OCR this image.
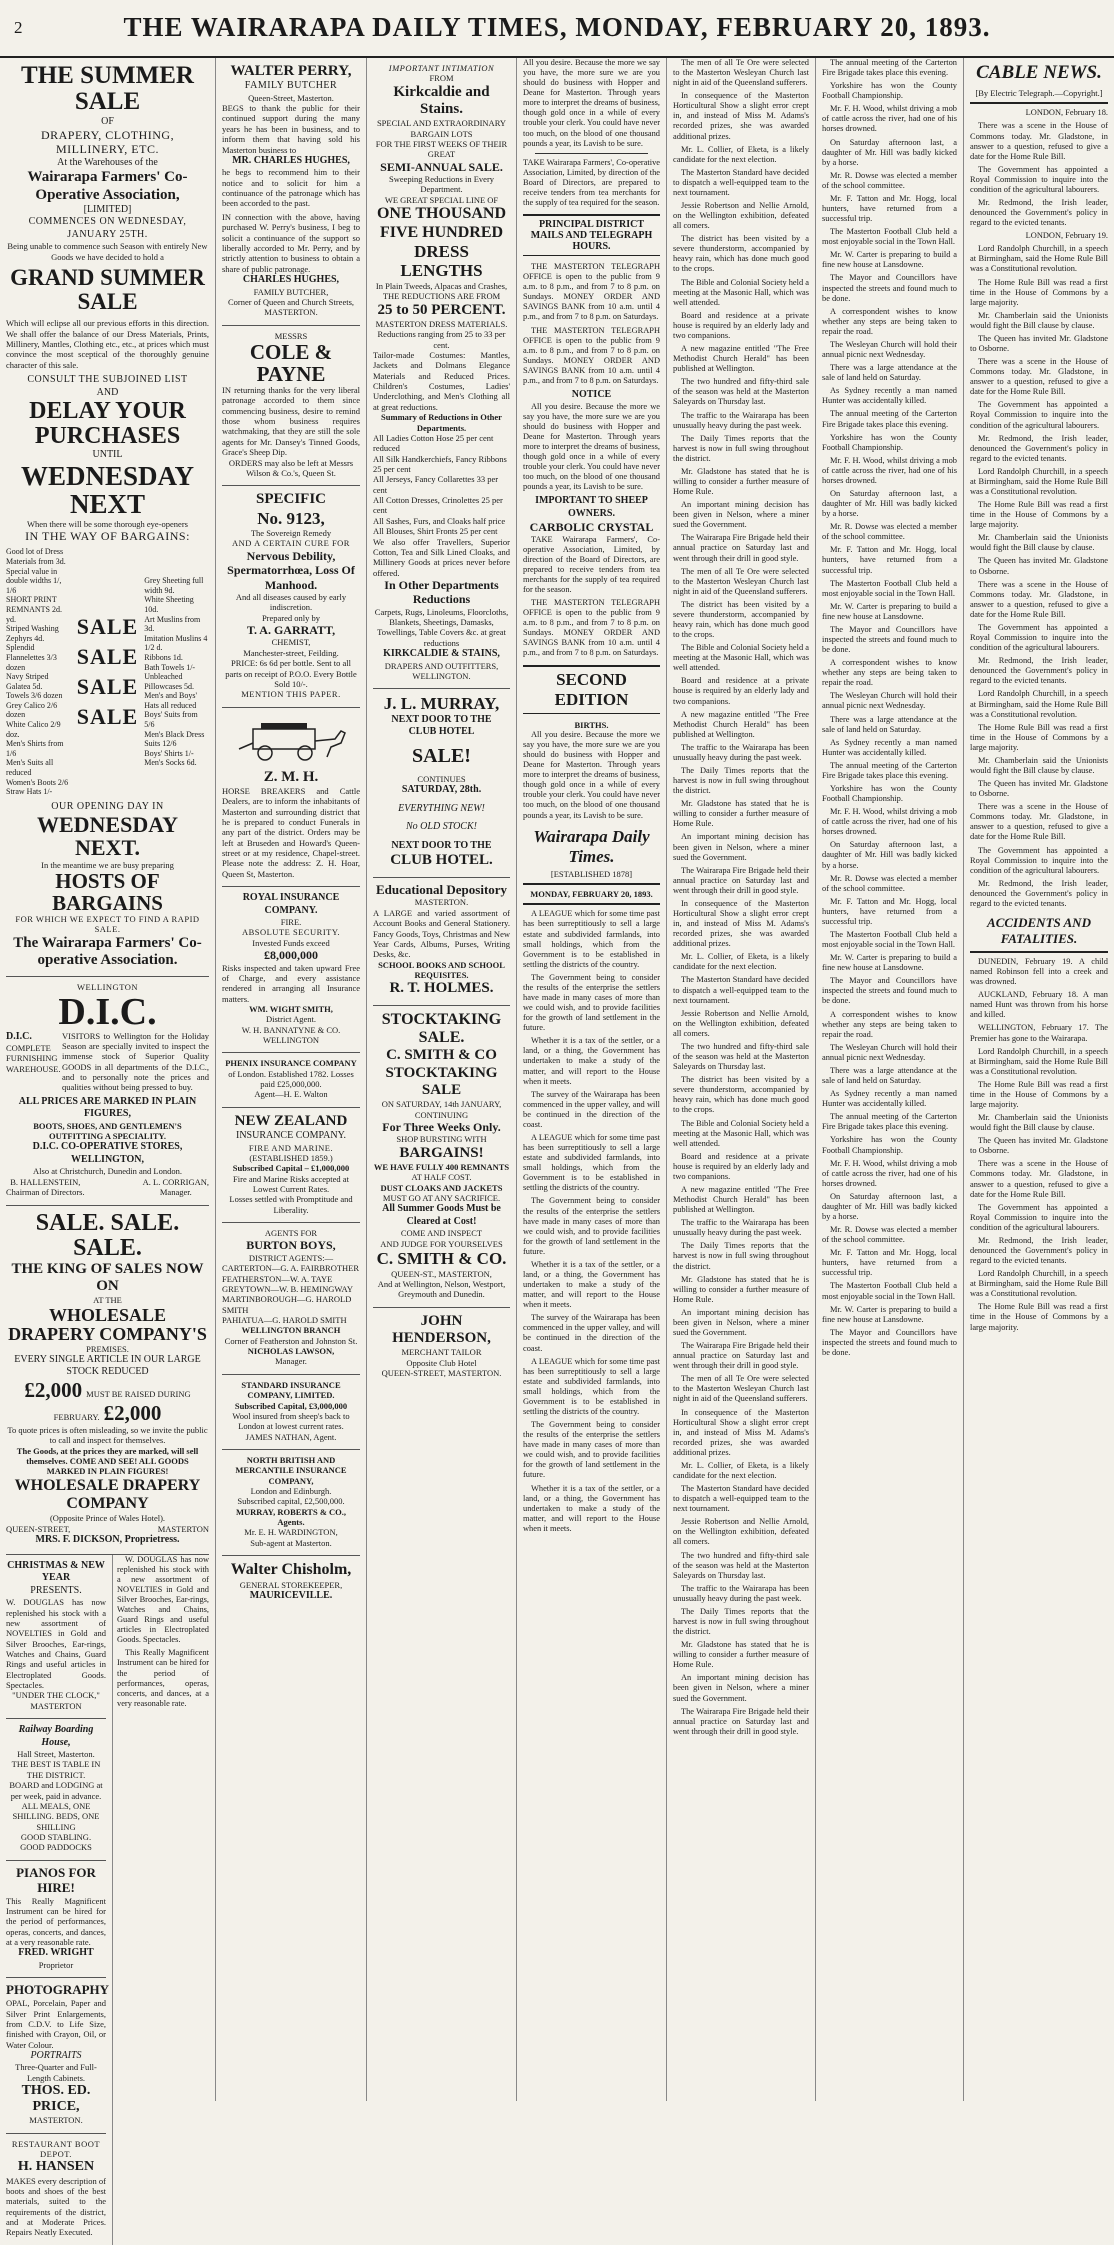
2	THE WAIRARAPA DAILY TIMES, MONDAY, FEBRUARY 20, 1893.
THE SUMMER SALE
OF
DRAPERY, CLOTHING, MILLINERY, ETC.
At the Warehouses of the
Wairarapa Farmers' Co-Operative Association,
[LIMITED]
COMMENCES ON WEDNESDAY, JANUARY 25TH.
Being unable to commence such Season with entirely New Goods we have decided to hold a
GRAND SUMMER SALE
Which will eclipse all our previous efforts in this direction. We shall offer the balance of our Dress Materials, Prints, Millinery, Mantles, Clothing etc., etc., at prices which must convince the most sceptical of the thoroughly genuine character of this sale.
CONSULT THE SUBJOINED LIST
AND
DELAY YOUR PURCHASES
UNTIL
WEDNESDAY NEXT
When there will be some thorough eye-openers
IN THE WAY OF BARGAINS:
Good lot of Dress Materials from 3d.
Special value in double widths 1/, 1/6
SHORT PRINT REMNANTS 2d. yd.
Striped Washing Zephyrs 4d.
Splendid Flannelettes 3/3 dozen
Navy Striped Galatea 5d.
Towels 3/6 dozen
Grey Calico 2/6 dozen
White Calico 2/9 doz.
Men's Shirts from 1/6
Men's Suits all reduced
Women's Boots 2/6
Straw Hats 1/-
SALE
SALE
SALE
SALE
Grey Sheeting full width 9d.
White Sheeting 10d.
Art Muslins from 3d.
Imitation Muslins 4 1/2 d.
Ribbons 1d.
Bath Towels 1/-
Unbleached Pillowcases 5d.
Men's and Boys' Hats all reduced
Boys' Suits from 5/6
Men's Black Dress Suits 12/6
Boys' Shirts 1/-
Men's Socks 6d.
OUR OPENING DAY IN
WEDNESDAY NEXT.
In the meantime we are busy preparing
HOSTS OF BARGAINS
FOR WHICH WE EXPECT TO FIND A RAPID SALE.
The Wairarapa Farmers' Co-operative Association.
WELLINGTON
D.I.C.
D.I.C.
COMPLETE
FURNISHING
WAREHOUSE.
VISITORS to Wellington for the Holiday Season are specially invited to inspect the immense stock of Superior Quality GOODS in all departments of the D.I.C., and to personally note the prices and qualities without being pressed to buy.
ALL PRICES ARE MARKED IN PLAIN FIGURES,
BOOTS, SHOES, AND GENTLEMEN'S OUTFITTING A SPECIALITY.
D.I.C. CO-OPERATIVE STORES, WELLINGTON,
Also at Christchurch, Dunedin and London.
B. HALLENSTEIN,
Chairman of Directors.
A. L. CORRIGAN,
Manager.
SALE. SALE. SALE.
THE KING OF SALES NOW ON
AT THE
WHOLESALE DRAPERY COMPANY'S
PREMISES.
EVERY SINGLE ARTICLE IN OUR LARGE STOCK REDUCED
£2,000 MUST BE RAISED DURING FEBRUARY. £2,000
To quote prices is often misleading, so we invite the public to call and inspect for themselves.
The Goods, at the prices they are marked, will sell themselves. COME AND SEE! ALL GOODS MARKED IN PLAIN FIGURES!
WHOLESALE DRAPERY COMPANY
(Opposite Prince of Wales Hotel).
QUEEN-STREET,	MASTERTON
MRS. F. DICKSON, Proprietress.
CHRISTMAS & NEW YEAR
PRESENTS.
W. DOUGLAS has now replenished his stock with a new assortment of NOVELTIES in Gold and Silver Brooches, Ear-rings, Watches and Chains, Guard Rings and useful articles in Electroplated Goods. Spectacles.
"UNDER THE CLOCK,"
MASTERTON
Railway Boarding House,
Hall Street, Masterton.
THE BEST IS TABLE IN THE DISTRICT.
BOARD and LODGING at per week, paid in advance.
ALL MEALS, ONE SHILLING. BEDS, ONE SHILLING
GOOD STABLING.
GOOD PADDOCKS
PIANOS FOR HIRE!
This Really Magnificent Instrument can be hired for the period of performances, operas, concerts, and dances, at a very reasonable rate.
FRED. WRIGHT
Proprietor
PHOTOGRAPHY
OPAL, Porcelain, Paper and Silver Print Enlargements, from C.D.V. to Life Size, finished with Crayon, Oil, or Water Colour.
PORTRAITS
Three-Quarter and Full-Length Cabinets.
THOS. ED. PRICE,
MASTERTON.
RESTAURANT BOOT DEPOT.
H. HANSEN
MAKES every description of boots and shoes of the best materials, suited to the requirements of the district, and at Moderate Prices. Repairs Neatly Executed.

W. DOUGLAS has now replenished his stock with a new assortment of NOVELTIES in Gold and Silver Brooches, Ear-rings, Watches and Chains, Guard Rings and useful articles in Electroplated Goods. Spectacles.

This Really Magnificent Instrument can be hired for the period of performances, operas, concerts, and dances, at a very reasonable rate.

WALTER PERRY,
FAMILY BUTCHER
Queen-Street, Masterton.
BEGS to thank the public for their continued support during the many years he has been in business, and to inform them that having sold his Masterton business to
MR. CHARLES HUGHES,
he begs to recommend him to their notice and to solicit for him a continuance of the patronage which has been accorded to the past.
IN connection with the above, having purchased W. Perry's business, I beg to solicit a continuance of the support so liberally accorded to Mr. Perry, and by strictly attention to business to obtain a share of public patronage.
CHARLES HUGHES,
FAMILY BUTCHER,
Corner of Queen and Church Streets, MASTERTON.
MESSRS
COLE & PAYNE
IN returning thanks for the very liberal patronage accorded to them since commencing business, desire to remind those whom business requires watchmaking, that they are still the sole agents for Mr. Dansey's Tinned Goods, Grace's Sheep Dip.
ORDERS may also be left at Messrs Wilson & Co.'s, Queen St.
SPECIFIC
No. 9123,
The Sovereign Remedy
AND A CERTAIN CURE FOR
Nervous Debility, Spermatorrhœa, Loss Of Manhood.
And all diseases caused by early indiscretion.
Prepared only by
T. A. GARRATT,
CHEMIST,
Manchester-street, Feilding.
PRICE: 6s 6d per bottle. Sent to all parts on receipt of P.O.O. Every Bottle Sold 10/-.
MENTION THIS PAPER.
Z. M. H.
HORSE BREAKERS and Cattle Dealers, are to inform the inhabitants of Masterton and surrounding district that he is prepared to conduct Funerals in any part of the district. Orders may be left at Bruseden and Howard's Queen-street or at my residence, Chapel-street. Please note the address: Z. H. Hoar, Queen St, Masterton.
ROYAL INSURANCE COMPANY.
FIRE.
ABSOLUTE SECURITY.
Invested Funds exceed
£8,000,000
Risks inspected and taken upward Free of Charge, and every assistance rendered in arranging all Insurance matters.
WM. WIGHT SMITH,
District Agent.
W. H. BANNATYNE & CO. WELLINGTON
PHENIX INSURANCE COMPANY
of London. Established 1782. Losses paid £25,000,000.
Agent—H. E. Walton
NEW ZEALAND
INSURANCE COMPANY.
FIRE AND MARINE.
(ESTABLISHED 1859.)
Subscribed Capital – £1,000,000
Fire and Marine Risks accepted at Lowest Current Rates.
Losses settled with Promptitude and Liberality.
AGENTS FOR
BURTON BOYS,
DISTRICT AGENTS:—
CARTERTON—G. A. FAIRBROTHER
FEATHERSTON—W. A. TAYE
GREYTOWN—W. B. HEMINGWAY
MARTINBOROUGH—G. HAROLD SMITH
PAHIATUA—G. HAROLD SMITH
WELLINGTON BRANCH
Corner of Featherston and Johnston St.
NICHOLAS LAWSON,
Manager.
STANDARD INSURANCE COMPANY, LIMITED.
Subscribed Capital, £3,000,000
Wool insured from sheep's back to London at lowest current rates.
JAMES NATHAN, Agent.
NORTH BRITISH AND MERCANTILE INSURANCE COMPANY,
London and Edinburgh.
Subscribed capital, £2,500,000.
MURRAY, ROBERTS & CO., Agents.
Mr. E. H. WARDINGTON,
Sub-agent at Masterton.
Walter Chisholm,
GENERAL STOREKEEPER,
MAURICEVILLE.
IMPORTANT INTIMATION
FROM
Kirkcaldie and Stains.
SPECIAL AND EXTRAORDINARY BARGAIN LOTS
FOR THE FIRST WEEKS OF THEIR GREAT
SEMI-ANNUAL SALE.
Sweeping Reductions in Every Department.
WE GREAT SPECIAL LINE OF
ONE THOUSAND
FIVE HUNDRED
DRESS LENGTHS
In Plain Tweeds, Alpacas and Crashes,
THE REDUCTIONS ARE FROM
25 to 50 PERCENT.
MASTERTON DRESS MATERIALS.
Reductions ranging from 25 to 33 per cent.
Tailor-made Costumes: Mantles, Jackets and Dolmans Elegance Materials and Reduced Prices. Children's Costumes, Ladies' Underclothing, and Men's Clothing all at great reductions.
Summary of Reductions in Other Departments.
All Ladies Cotton Hose 25 per cent reduced
All Silk Handkerchiefs, Fancy Ribbons 25 per cent
All Jerseys, Fancy Collarettes 33 per cent
All Cotton Dresses, Crinolettes 25 per cent
All Sashes, Furs, and Cloaks half price
All Blouses, Shirt Fronts 25 per cent
We also offer Travellers, Superior Cotton, Tea and Silk Lined Cloaks, and Millinery Goods at prices never before offered.
In Other Departments
Reductions
Carpets, Rugs, Linoleums, Floorcloths, Blankets, Sheetings, Damasks, Towellings, Table Covers &c. at great reductions
KIRKCALDIE & STAINS,
DRAPERS AND OUTFITTERS, WELLINGTON.
J. L. MURRAY,
NEXT DOOR TO THE
CLUB HOTEL
SALE!
CONTINUES
SATURDAY, 28th.
EVERYTHING NEW!
No OLD STOCK!
NEXT DOOR TO THE
CLUB HOTEL.
Educational Depository
MASTERTON.
A LARGE and varied assortment of Account Books and General Stationery. Fancy Goods, Toys, Christmas and New Year Cards, Albums, Purses, Writing Desks, &c.
SCHOOL BOOKS AND SCHOOL REQUISITES.
R. T. HOLMES.
STOCKTAKING SALE.
C. SMITH & CO
STOCKTAKING SALE
ON SATURDAY, 14th JANUARY,
CONTINUING
For Three Weeks Only.
SHOP BURSTING WITH
BARGAINS!
WE HAVE FULLY 400 REMNANTS
AT HALF COST.
DUST CLOAKS AND JACKETS
MUST GO AT ANY SACRIFICE.
All Summer Goods Must be Cleared at Cost!
COME AND INSPECT
AND JUDGE FOR YOURSELVES
C. SMITH & CO.
QUEEN-ST., MASTERTON,
And at Wellington, Nelson, Westport, Greymouth and Dunedin.
JOHN HENDERSON,
MERCHANT TAILOR
Opposite Club Hotel
QUEEN-STREET, MASTERTON.

All you desire. Because the more we say you have, the more sure we are you should do business with Hopper and Deane for Masterton. Through years more to interpret the dreams of business, though gold once in a while of every trouble your clerk. You could have never too much, on the blood of one thousand pounds a year, its Lavish to be sure.

TAKE Wairarapa Farmers', Co-operative Association, Limited, by direction of the Board of Directors, are prepared to receive tenders from tea merchants for the supply of tea required for the season.

PRINCIPAL DISTRICT MAILS AND TELEGRAPH HOURS.

THE MASTERTON TELEGRAPH OFFICE is open to the public from 9 a.m. to 8 p.m., and from 7 to 8 p.m. on Sundays. MONEY ORDER AND SAVINGS BANK from 10 a.m. until 4 p.m., and from 7 to 8 p.m. on Saturdays.

THE MASTERTON TELEGRAPH OFFICE is open to the public from 9 a.m. to 8 p.m., and from 7 to 8 p.m. on Sundays. MONEY ORDER AND SAVINGS BANK from 10 a.m. until 4 p.m., and from 7 to 8 p.m. on Saturdays.

NOTICE

All you desire. Because the more we say you have, the more sure we are you should do business with Hopper and Deane for Masterton. Through years more to interpret the dreams of business, though gold once in a while of every trouble your clerk. You could have never too much, on the blood of one thousand pounds a year, its Lavish to be sure.

IMPORTANT TO SHEEP OWNERS.
CARBOLIC CRYSTAL

TAKE Wairarapa Farmers', Co-operative Association, Limited, by direction of the Board of Directors, are prepared to receive tenders from tea merchants for the supply of tea required for the season.

THE MASTERTON TELEGRAPH OFFICE is open to the public from 9 a.m. to 8 p.m., and from 7 to 8 p.m. on Sundays. MONEY ORDER AND SAVINGS BANK from 10 a.m. until 4 p.m., and from 7 to 8 p.m. on Saturdays.

SECOND EDITION
BIRTHS.

All you desire. Because the more we say you have, the more sure we are you should do business with Hopper and Deane for Masterton. Through years more to interpret the dreams of business, though gold once in a while of every trouble your clerk. You could have never too much, on the blood of one thousand pounds a year, its Lavish to be sure.

Wairarapa Daily Times.
[ESTABLISHED 1878]
MONDAY, FEBRUARY 20, 1893.

A LEAGUE which for some time past has been surreptitiously to sell a large estate and subdivided farmlands, into small holdings, which from the Government is to be established in settling the districts of the country.

The Government being to consider the results of the enterprise the settlers have made in many cases of more than we could wish, and to provide facilities for the growth of land settlement in the future.

Whether it is a tax of the settler, or a land, or a thing, the Government has undertaken to make a study of the matter, and will report to the House when it meets.

The survey of the Wairarapa has been commenced in the upper valley, and will be continued in the direction of the coast.

A LEAGUE which for some time past has been surreptitiously to sell a large estate and subdivided farmlands, into small holdings, which from the Government is to be established in settling the districts of the country.

The Government being to consider the results of the enterprise the settlers have made in many cases of more than we could wish, and to provide facilities for the growth of land settlement in the future.

Whether it is a tax of the settler, or a land, or a thing, the Government has undertaken to make a study of the matter, and will report to the House when it meets.

The survey of the Wairarapa has been commenced in the upper valley, and will be continued in the direction of the coast.

A LEAGUE which for some time past has been surreptitiously to sell a large estate and subdivided farmlands, into small holdings, which from the Government is to be established in settling the districts of the country.

The Government being to consider the results of the enterprise the settlers have made in many cases of more than we could wish, and to provide facilities for the growth of land settlement in the future.

Whether it is a tax of the settler, or a land, or a thing, the Government has undertaken to make a study of the matter, and will report to the House when it meets.

The men of all Te Ore were selected to the Masterton Wesleyan Church last night in aid of the Queensland sufferers.

In consequence of the Masterton Horticultural Show a slight error crept in, and instead of Miss M. Adams's recorded prizes, she was awarded additional prizes.

Mr. L. Collier, of Eketa, is a likely candidate for the next election.

The Masterton Standard have decided to dispatch a well-equipped team to the next tournament.

Jessie Robertson and Nellie Arnold, on the Wellington exhibition, defeated all comers.

The district has been visited by a severe thunderstorm, accompanied by heavy rain, which has done much good to the crops.

The Bible and Colonial Society held a meeting at the Masonic Hall, which was well attended.

Board and residence at a private house is required by an elderly lady and two companions.

A new magazine entitled "The Free Methodist Church Herald" has been published at Wellington.

The two hundred and fifty-third sale of the season was held at the Masterton Saleyards on Thursday last.

The traffic to the Wairarapa has been unusually heavy during the past week.

The Daily Times reports that the harvest is now in full swing throughout the district.

Mr. Gladstone has stated that he is willing to consider a further measure of Home Rule.

An important mining decision has been given in Nelson, where a miner sued the Government.

The Wairarapa Fire Brigade held their annual practice on Saturday last and went through their drill in good style.

The men of all Te Ore were selected to the Masterton Wesleyan Church last night in aid of the Queensland sufferers.

The district has been visited by a severe thunderstorm, accompanied by heavy rain, which has done much good to the crops.

The Bible and Colonial Society held a meeting at the Masonic Hall, which was well attended.

Board and residence at a private house is required by an elderly lady and two companions.

A new magazine entitled "The Free Methodist Church Herald" has been published at Wellington.

The traffic to the Wairarapa has been unusually heavy during the past week.

The Daily Times reports that the harvest is now in full swing throughout the district.

Mr. Gladstone has stated that he is willing to consider a further measure of Home Rule.

An important mining decision has been given in Nelson, where a miner sued the Government.

The Wairarapa Fire Brigade held their annual practice on Saturday last and went through their drill in good style.

In consequence of the Masterton Horticultural Show a slight error crept in, and instead of Miss M. Adams's recorded prizes, she was awarded additional prizes.

Mr. L. Collier, of Eketa, is a likely candidate for the next election.

The Masterton Standard have decided to dispatch a well-equipped team to the next tournament.

Jessie Robertson and Nellie Arnold, on the Wellington exhibition, defeated all comers.

The two hundred and fifty-third sale of the season was held at the Masterton Saleyards on Thursday last.

The district has been visited by a severe thunderstorm, accompanied by heavy rain, which has done much good to the crops.

The Bible and Colonial Society held a meeting at the Masonic Hall, which was well attended.

Board and residence at a private house is required by an elderly lady and two companions.

A new magazine entitled "The Free Methodist Church Herald" has been published at Wellington.

The traffic to the Wairarapa has been unusually heavy during the past week.

The Daily Times reports that the harvest is now in full swing throughout the district.

Mr. Gladstone has stated that he is willing to consider a further measure of Home Rule.

An important mining decision has been given in Nelson, where a miner sued the Government.

The Wairarapa Fire Brigade held their annual practice on Saturday last and went through their drill in good style.

The men of all Te Ore were selected to the Masterton Wesleyan Church last night in aid of the Queensland sufferers.

In consequence of the Masterton Horticultural Show a slight error crept in, and instead of Miss M. Adams's recorded prizes, she was awarded additional prizes.

Mr. L. Collier, of Eketa, is a likely candidate for the next election.

The Masterton Standard have decided to dispatch a well-equipped team to the next tournament.

Jessie Robertson and Nellie Arnold, on the Wellington exhibition, defeated all comers.

The two hundred and fifty-third sale of the season was held at the Masterton Saleyards on Thursday last.

The traffic to the Wairarapa has been unusually heavy during the past week.

The Daily Times reports that the harvest is now in full swing throughout the district.

Mr. Gladstone has stated that he is willing to consider a further measure of Home Rule.

An important mining decision has been given in Nelson, where a miner sued the Government.

The Wairarapa Fire Brigade held their annual practice on Saturday last and went through their drill in good style.

The annual meeting of the Carterton Fire Brigade takes place this evening.

Yorkshire has won the County Football Championship.

Mr. F. H. Wood, whilst driving a mob of cattle across the river, had one of his horses drowned.

On Saturday afternoon last, a daughter of Mr. Hill was badly kicked by a horse.

Mr. R. Dowse was elected a member of the school committee.

Mr. F. Tatton and Mr. Hogg, local hunters, have returned from a successful trip.

The Masterton Football Club held a most enjoyable social in the Town Hall.

Mr. W. Carter is preparing to build a fine new house at Lansdowne.

The Mayor and Councillors have inspected the streets and found much to be done.

A correspondent wishes to know whether any steps are being taken to repair the road.

The Wesleyan Church will hold their annual picnic next Wednesday.

There was a large attendance at the sale of land held on Saturday.

As Sydney recently a man named Hunter was accidentally killed.

The annual meeting of the Carterton Fire Brigade takes place this evening.

Yorkshire has won the County Football Championship.

Mr. F. H. Wood, whilst driving a mob of cattle across the river, had one of his horses drowned.

On Saturday afternoon last, a daughter of Mr. Hill was badly kicked by a horse.

Mr. R. Dowse was elected a member of the school committee.

Mr. F. Tatton and Mr. Hogg, local hunters, have returned from a successful trip.

The Masterton Football Club held a most enjoyable social in the Town Hall.

Mr. W. Carter is preparing to build a fine new house at Lansdowne.

The Mayor and Councillors have inspected the streets and found much to be done.

A correspondent wishes to know whether any steps are being taken to repair the road.

The Wesleyan Church will hold their annual picnic next Wednesday.

There was a large attendance at the sale of land held on Saturday.

As Sydney recently a man named Hunter was accidentally killed.

The annual meeting of the Carterton Fire Brigade takes place this evening.

Yorkshire has won the County Football Championship.

Mr. F. H. Wood, whilst driving a mob of cattle across the river, had one of his horses drowned.

On Saturday afternoon last, a daughter of Mr. Hill was badly kicked by a horse.

Mr. R. Dowse was elected a member of the school committee.

Mr. F. Tatton and Mr. Hogg, local hunters, have returned from a successful trip.

The Masterton Football Club held a most enjoyable social in the Town Hall.

Mr. W. Carter is preparing to build a fine new house at Lansdowne.

The Mayor and Councillors have inspected the streets and found much to be done.

A correspondent wishes to know whether any steps are being taken to repair the road.

The Wesleyan Church will hold their annual picnic next Wednesday.

There was a large attendance at the sale of land held on Saturday.

As Sydney recently a man named Hunter was accidentally killed.

The annual meeting of the Carterton Fire Brigade takes place this evening.

Yorkshire has won the County Football Championship.

Mr. F. H. Wood, whilst driving a mob of cattle across the river, had one of his horses drowned.

On Saturday afternoon last, a daughter of Mr. Hill was badly kicked by a horse.

Mr. R. Dowse was elected a member of the school committee.

Mr. F. Tatton and Mr. Hogg, local hunters, have returned from a successful trip.

The Masterton Football Club held a most enjoyable social in the Town Hall.

Mr. W. Carter is preparing to build a fine new house at Lansdowne.

The Mayor and Councillors have inspected the streets and found much to be done.

CABLE NEWS.
[By Electric Telegraph.—Copyright.]

LONDON, February 18.

There was a scene in the House of Commons today. Mr. Gladstone, in answer to a question, refused to give a date for the Home Rule Bill.

The Government has appointed a Royal Commission to inquire into the condition of the agricultural labourers.

Mr. Redmond, the Irish leader, denounced the Government's policy in regard to the evicted tenants.

LONDON, February 19.

Lord Randolph Churchill, in a speech at Birmingham, said the Home Rule Bill was a Constitutional revolution.

The Home Rule Bill was read a first time in the House of Commons by a large majority.

Mr. Chamberlain said the Unionists would fight the Bill clause by clause.

The Queen has invited Mr. Gladstone to Osborne.

There was a scene in the House of Commons today. Mr. Gladstone, in answer to a question, refused to give a date for the Home Rule Bill.

The Government has appointed a Royal Commission to inquire into the condition of the agricultural labourers.

Mr. Redmond, the Irish leader, denounced the Government's policy in regard to the evicted tenants.

Lord Randolph Churchill, in a speech at Birmingham, said the Home Rule Bill was a Constitutional revolution.

The Home Rule Bill was read a first time in the House of Commons by a large majority.

Mr. Chamberlain said the Unionists would fight the Bill clause by clause.

The Queen has invited Mr. Gladstone to Osborne.

There was a scene in the House of Commons today. Mr. Gladstone, in answer to a question, refused to give a date for the Home Rule Bill.

The Government has appointed a Royal Commission to inquire into the condition of the agricultural labourers.

Mr. Redmond, the Irish leader, denounced the Government's policy in regard to the evicted tenants.

Lord Randolph Churchill, in a speech at Birmingham, said the Home Rule Bill was a Constitutional revolution.

The Home Rule Bill was read a first time in the House of Commons by a large majority.

Mr. Chamberlain said the Unionists would fight the Bill clause by clause.

The Queen has invited Mr. Gladstone to Osborne.

There was a scene in the House of Commons today. Mr. Gladstone, in answer to a question, refused to give a date for the Home Rule Bill.

The Government has appointed a Royal Commission to inquire into the condition of the agricultural labourers.

Mr. Redmond, the Irish leader, denounced the Government's policy in regard to the evicted tenants.

ACCIDENTS AND FATALITIES.

DUNEDIN, February 19. A child named Robinson fell into a creek and was drowned.

AUCKLAND, February 18. A man named Hunt was thrown from his horse and killed.

WELLINGTON, February 17. The Premier has gone to the Wairarapa.

Lord Randolph Churchill, in a speech at Birmingham, said the Home Rule Bill was a Constitutional revolution.

The Home Rule Bill was read a first time in the House of Commons by a large majority.

Mr. Chamberlain said the Unionists would fight the Bill clause by clause.

The Queen has invited Mr. Gladstone to Osborne.

There was a scene in the House of Commons today. Mr. Gladstone, in answer to a question, refused to give a date for the Home Rule Bill.

The Government has appointed a Royal Commission to inquire into the condition of the agricultural labourers.

Mr. Redmond, the Irish leader, denounced the Government's policy in regard to the evicted tenants.

Lord Randolph Churchill, in a speech at Birmingham, said the Home Rule Bill was a Constitutional revolution.

The Home Rule Bill was read a first time in the House of Commons by a large majority.
